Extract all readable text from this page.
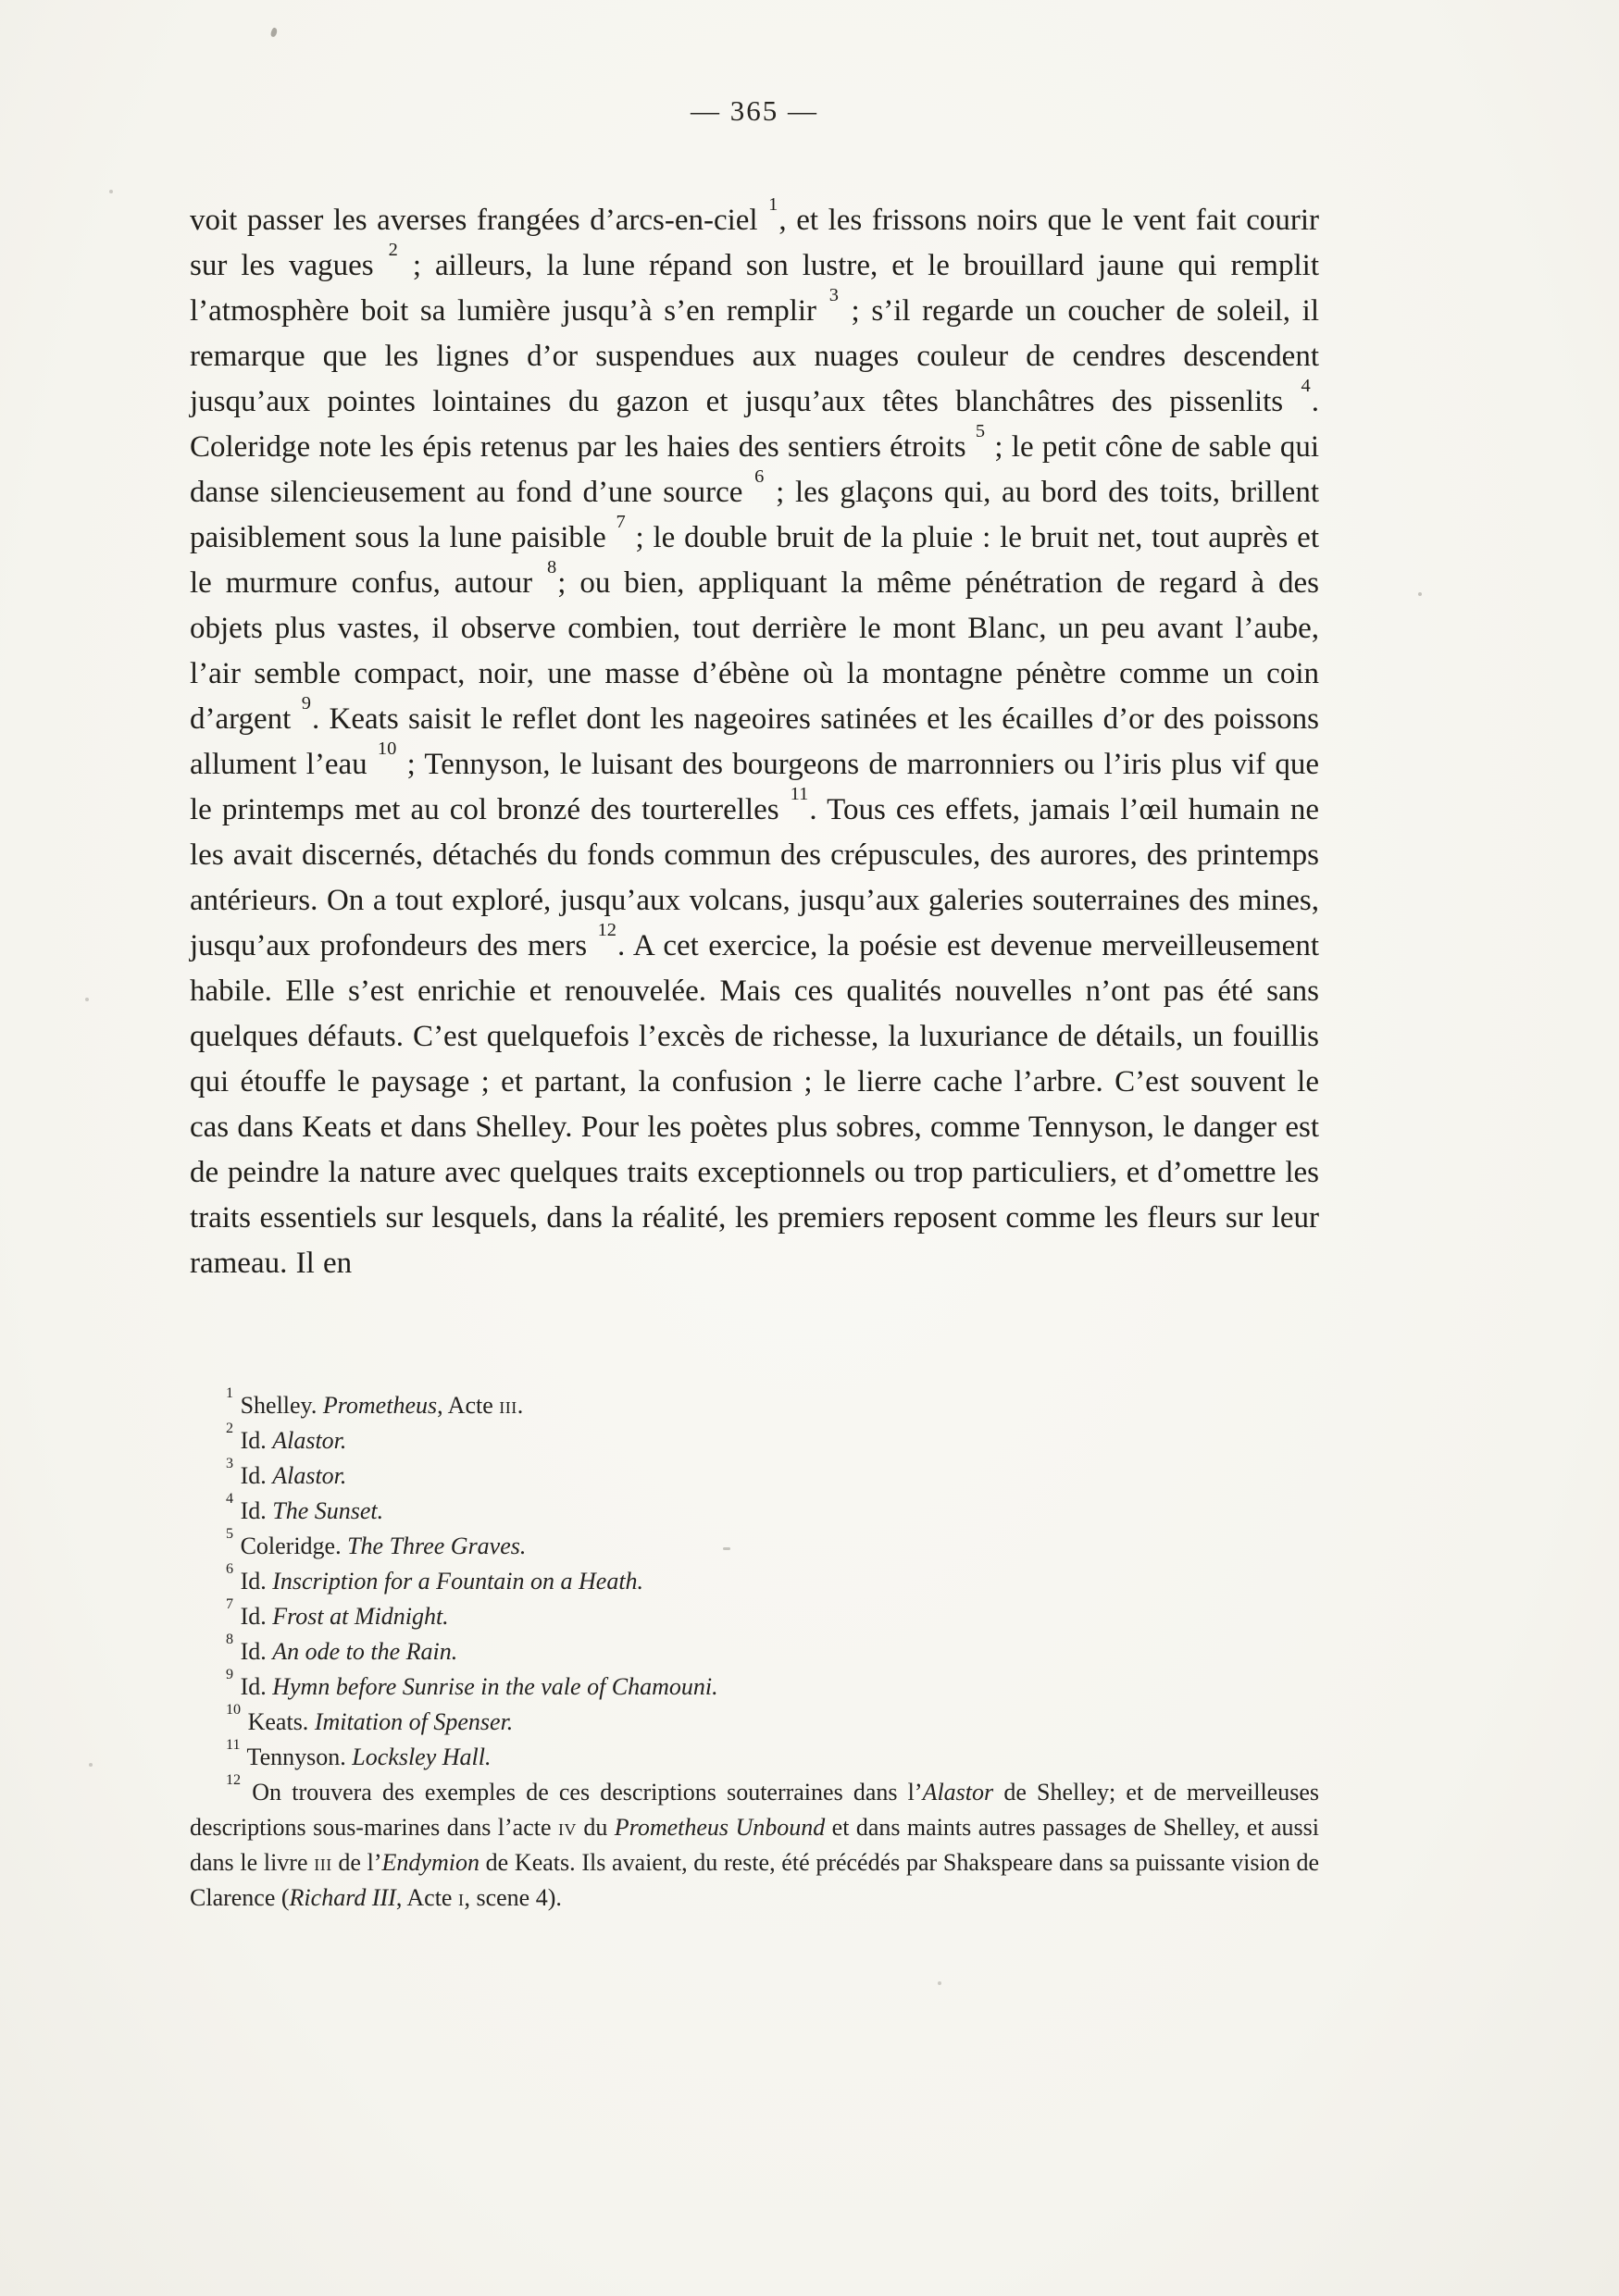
— 365 —

voit passer les averses frangées d’arcs-en-ciel $^1$, et les frissons noirs que le vent fait courir sur les vagues $^2$ ; ailleurs, la lune répand son lustre, et le brouillard jaune qui remplit l’atmosphère boit sa lumière jusqu’à s’en remplir $^3$ ; s’il regarde un coucher de soleil, il remarque que les lignes d’or suspendues aux nuages couleur de cendres descendent jusqu’aux pointes lointaines du gazon et jusqu’aux têtes blanchâtres des pissenlits $^4$. Coleridge note les épis retenus par les haies des sentiers étroits $^5$ ; le petit cône de sable qui danse silencieusement au fond d’une source $^6$ ; les glaçons qui, au bord des toits, brillent paisiblement sous la lune paisible $^7$ ; le double bruit de la pluie : le bruit net, tout auprès et le murmure confus, autour $^8$; ou bien, appliquant la même pénétration de regard à des objets plus vastes, il observe combien, tout derrière le mont Blanc, un peu avant l’aube, l’air semble compact, noir, une masse d’ébène où la montagne pénètre comme un coin d’argent $^9$. Keats saisit le reflet dont les nageoires satinées et les écailles d’or des poissons allument l’eau $^{10}$ ; Tennyson, le luisant des bourgeons de marronniers ou l’iris plus vif que le printemps met au col bronzé des tourterelles $^{11}$. Tous ces effets, jamais l’œil humain ne les avait discernés, détachés du fonds commun des crépuscules, des aurores, des printemps antérieurs. On a tout exploré, jusqu’aux volcans, jusqu’aux galeries souterraines des mines, jusqu’aux profondeurs des mers $^{12}$. A cet exercice, la poésie est devenue merveilleusement habile. Elle s’est enrichie et renouvelée. Mais ces qualités nouvelles n’ont pas été sans quelques défauts. C’est quelquefois l’excès de richesse, la luxuriance de détails, un fouillis qui étouffe le paysage ; et partant, la confusion ; le lierre cache l’arbre. C’est souvent le cas dans Keats et dans Shelley. Pour les poètes plus sobres, comme Tennyson, le danger est de peindre la nature avec quelques traits exceptionnels ou trop particuliers, et d’omettre les traits essentiels sur lesquels, dans la réalité, les premiers reposent comme les fleurs sur leur rameau. Il en

$^1$ Shelley. Prometheus, Acte iii.

$^2$ Id. Alastor.

$^3$ Id. Alastor.

$^4$ Id. The Sunset.

$^5$ Coleridge. The Three Graves.

$^6$ Id. Inscription for a Fountain on a Heath.

$^7$ Id. Frost at Midnight.

$^8$ Id. An ode to the Rain.

$^9$ Id. Hymn before Sunrise in the vale of Chamouni.

$^{10}$ Keats. Imitation of Spenser.

$^{11}$ Tennyson. Locksley Hall.

$^{12}$ On trouvera des exemples de ces descriptions souterraines dans l’Alastor de Shelley; et de merveilleuses descriptions sous-marines dans l’acte iv du Prometheus Unbound et dans maints autres passages de Shelley, et aussi dans le livre iii de l’Endymion de Keats. Ils avaient, du reste, été précédés par Shakspeare dans sa puissante vision de Clarence (Richard III, Acte i, scene 4).
